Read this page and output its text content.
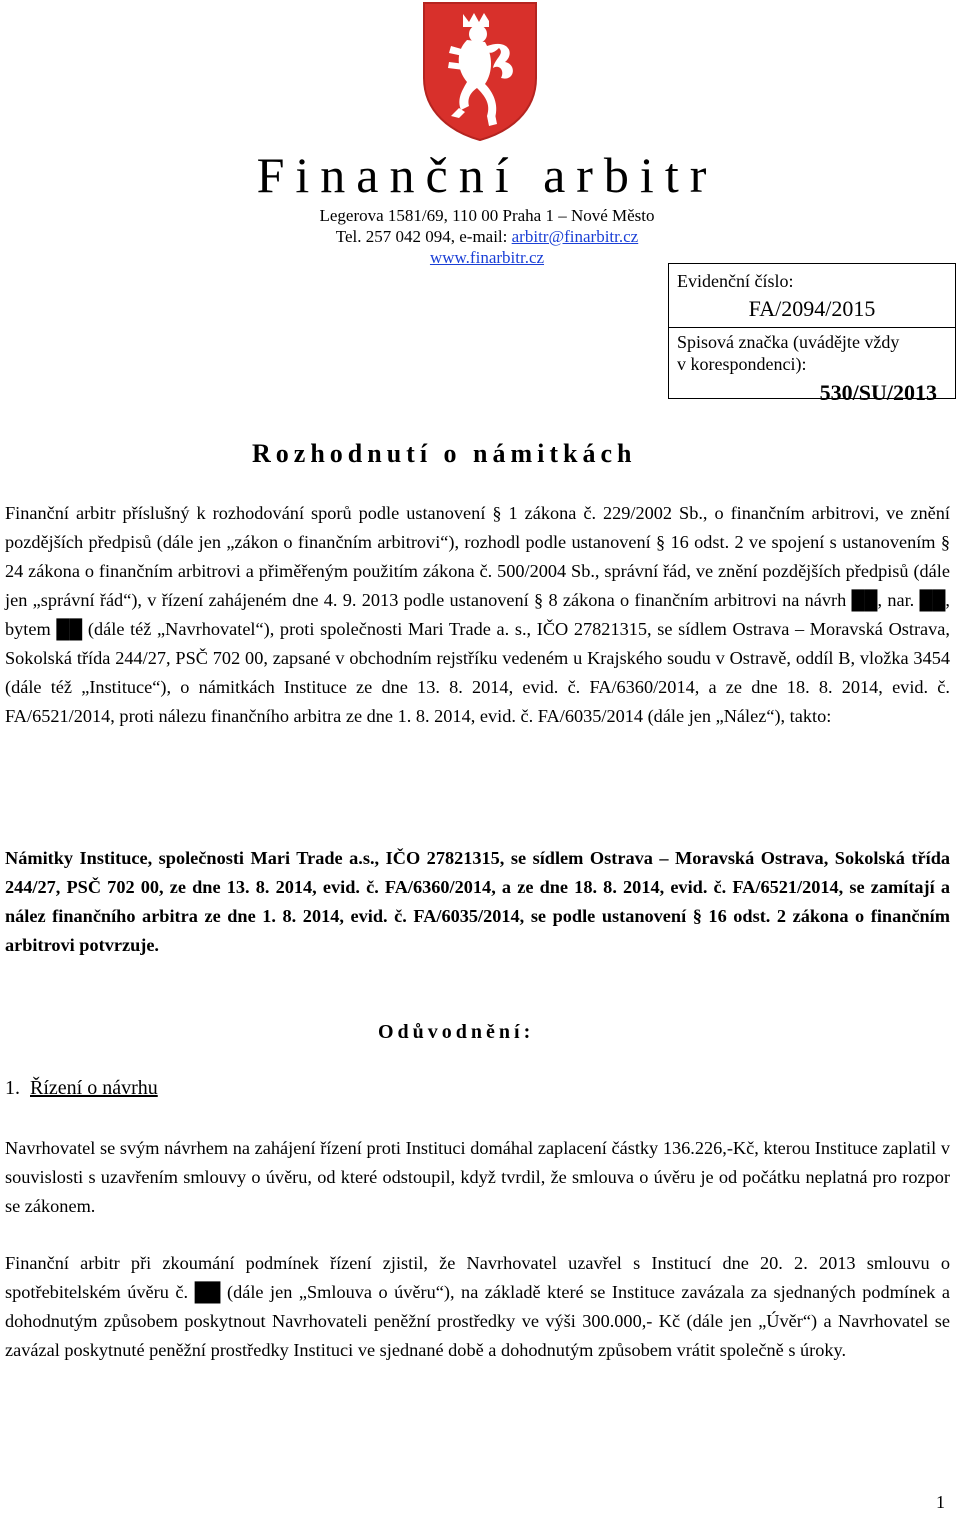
Finanční arbitr
Legerova 1581/69, 110 00 Praha 1 – Nové Město
Tel. 257 042 094, e-mail: arbitr@finarbitr.cz
www.finarbitr.cz
Evidenční číslo:
FA/2094/2015
Spisová značka (uvádějte vždy
v korespondenci):
530/SU/2013
Rozhodnutí o námitkách
Finanční arbitr příslušný k rozhodování sporů podle ustanovení § 1 zákona č. 229/2002 Sb., o finančním arbitrovi, ve znění pozdějších předpisů (dále jen „zákon o finančním arbitrovi“), rozhodl podle ustanovení § 16 odst. 2 ve spojení s ustanovením § 24 zákona o finančním arbitrovi a přiměřeným použitím zákona č. 500/2004 Sb., správní řád, ve znění pozdějších předpisů (dále jen „správní řád“), v řízení zahájeném dne 4. 9. 2013 podle ustanovení § 8 zákona o finančním arbitrovi na návrh ██, nar. ██, bytem ██ (dále též „Navrhovatel“), proti společnosti Mari Trade a. s., IČO 27821315, se sídlem Ostrava – Moravská Ostrava, Sokolská třída 244/27, PSČ 702 00, zapsané v obchodním rejstříku vedeném u Krajského soudu v Ostravě, oddíl B, vložka 3454 (dále též „Instituce“), o námitkách Instituce ze dne 13. 8. 2014, evid. č. FA/6360/2014, a ze dne 18. 8. 2014, evid. č. FA/6521/2014, proti nálezu finančního arbitra ze dne 1. 8. 2014, evid. č. FA/6035/2014 (dále jen „Nález“), takto:
Námitky Instituce, společnosti Mari Trade a.s., IČO 27821315, se sídlem Ostrava – Moravská Ostrava, Sokolská třída 244/27, PSČ 702 00, ze dne 13. 8. 2014, evid. č. FA/6360/2014, a ze dne 18. 8. 2014, evid. č. FA/6521/2014, se zamítají a nález finančního arbitra ze dne 1. 8. 2014, evid. č. FA/6035/2014, se podle ustanovení § 16 odst. 2 zákona o finančním arbitrovi potvrzuje.
Odůvodnění:
1. Řízení o návrhu
Navrhovatel se svým návrhem na zahájení řízení proti Instituci domáhal zaplacení částky 136.226,-Kč, kterou Instituce zaplatil v souvislosti s uzavřením smlouvy o úvěru, od které odstoupil, když tvrdil, že smlouva o úvěru je od počátku neplatná pro rozpor se zákonem.
Finanční arbitr při zkoumání podmínek řízení zjistil, že Navrhovatel uzavřel s Institucí dne 20. 2. 2013 smlouvu o spotřebitelském úvěru č. ██ (dále jen „Smlouva o úvěru“), na základě které se Instituce zavázala za sjednaných podmínek a dohodnutým způsobem poskytnout Navrhovateli peněžní prostředky ve výši 300.000,- Kč (dále jen „Úvěr“) a Navrhovatel se zavázal poskytnuté peněžní prostředky Instituci ve sjednané době a dohodnutým způsobem vrátit společně s úroky.
1
